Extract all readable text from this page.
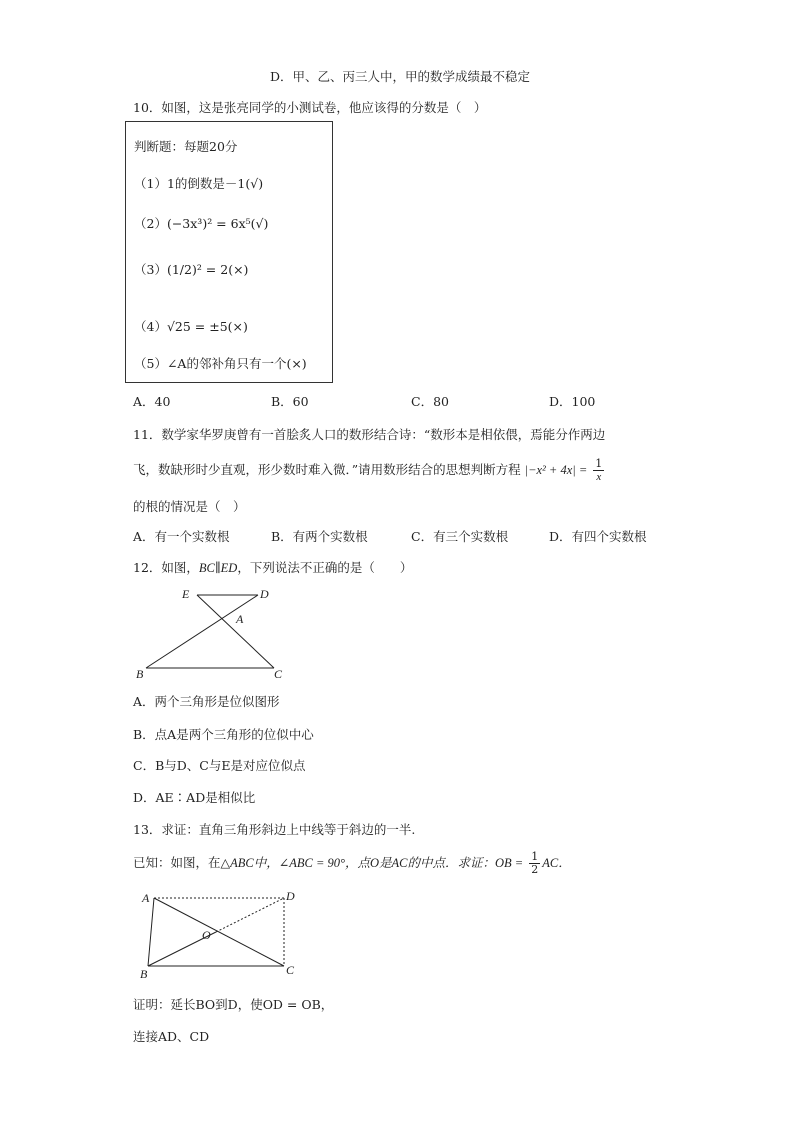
D．甲、乙、丙三人中，甲的数学成绩最不稳定
10．如图，这是张亮同学的小测试卷，他应该得的分数是（　）
判断题：每题20分
（1）1的倒数是－1(√)
（2）(−3x³)² = 6x⁵(√)
（3）(1/2)² = 2(×)
（4）√25 = ±5(×)
（5）∠A的邻补角只有一个(×)
A．40	B．60	C．80	D．100
11．数学家华罗庚曾有一首脍炙人口的数形结合诗：“数形本是相依偎，焉能分作两边
飞，数缺形时少直观，形少数时难入微．”请用数形结合的思想判断方程 $|-x^2 + 4x| = \frac{1}{x}$
的根的情况是（　）
A．有一个实数根	B．有两个实数根	C．有三个实数根	D．有四个实数根
12．如图，BC∥ED，下列说法不正确的是（　　）
E	D
A
B	C
A．两个三角形是位似图形
B．点A是两个三角形的位似中心
C．B与D、C与E是对应位似点
D．AE∶AD是相似比
13．求证：直角三角形斜边上中线等于斜边的一半.
已知：如图，在△ABC中，∠ABC = 90°，点O是AC的中点．求证：OB = $\frac{1}{2}$ AC．
A	D
O
B	C
证明：延长BO到D，使OD = OB，
连接AD、CD
